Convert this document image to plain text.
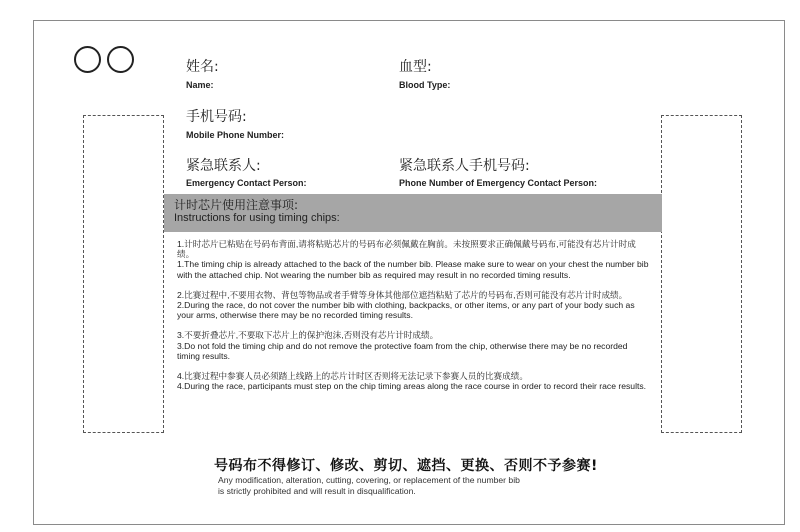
姓名:
Name:
血型:
Blood Type:
手机号码:
Mobile Phone Number:
紧急联系人:
Emergency Contact Person:
紧急联系人手机号码:
Phone Number of Emergency Contact Person:
计时芯片使用注意事项:
Instructions for using timing chips:

1.计时芯片已粘贴在号码布背面,请将粘贴芯片的号码布必须佩戴在胸前。未按照要求正确佩戴号码布,可能没有芯片计时成绩。

1.The timing chip is already attached to the back of the number bib. Please make sure to wear on your chest the number bib with the attached chip. Not wearing the number bib as required may result in no recorded timing results.

2.比赛过程中,不要用衣物、背包等物品或者手臂等身体其他部位遮挡粘贴了芯片的号码布,否则可能没有芯片计时成绩。

2.During the race, do not cover the number bib with clothing, backpacks, or other items, or any part of your body such as your arms, otherwise there may be no recorded timing results.

3.不要折叠芯片,不要取下芯片上的保护泡沫,否则没有芯片计时成绩。

3.Do not fold the timing chip and do not remove the protective foam from the chip, otherwise there may be no recorded timing results.

4.比赛过程中参赛人员必须踏上线路上的芯片计时区否则将无法记录下参赛人员的比赛成绩。

4.During the race, participants must step on the chip timing areas along the race course in order to record their race results.

号码布不得修订、修改、剪切、遮挡、更换、否则不予参赛!

Any modification, alteration, cutting, covering, or replacement of the number bib

is strictly prohibited and will result in disqualification.
